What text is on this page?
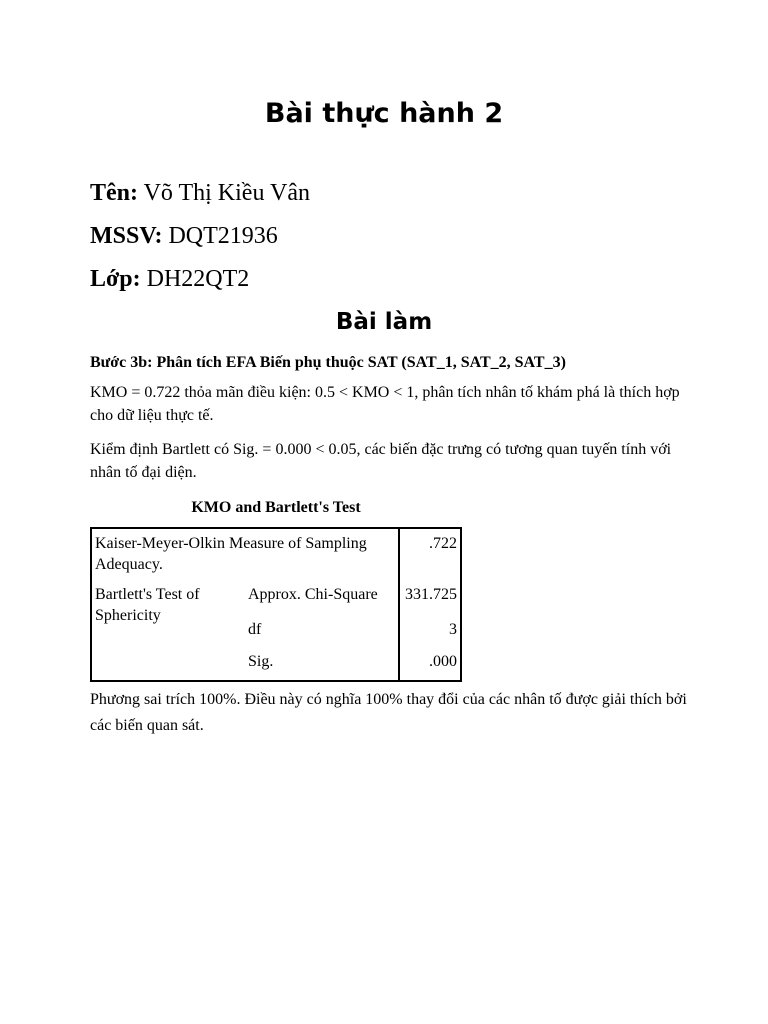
Bài thực hành 2
Tên: Võ Thị Kiều Vân
MSSV: DQT21936
Lớp: DH22QT2
Bài làm
Bước 3b: Phân tích EFA Biến phụ thuộc SAT (SAT_1, SAT_2, SAT_3)
KMO = 0.722 thỏa mãn điều kiện: 0.5 < KMO < 1, phân tích nhân tố khám phá là thích hợp cho dữ liệu thực tế.
Kiểm định Bartlett có Sig. = 0.000 < 0.05, các biến đặc trưng có tương quan tuyến tính với nhân tố đại diện.
KMO and Bartlett's Test
Kaiser-Meyer-Olkin Measure of Sampling Adequacy.
.722
Bartlett's Test of Sphericity
Approx. Chi-Square 331.725
df	3
Sig.	.000
Phương sai trích 100%. Điều này có nghĩa 100% thay đổi của các nhân tố được giải thích bởi các biến quan sát.
